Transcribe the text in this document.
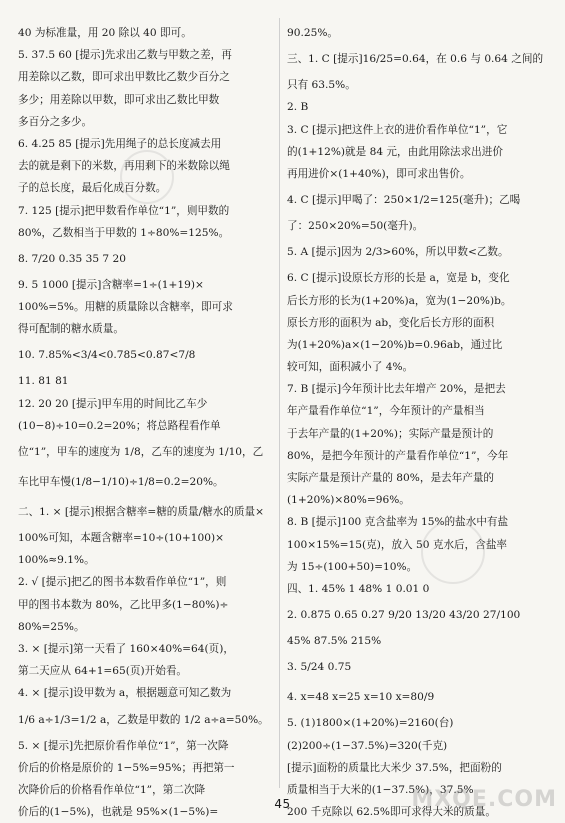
40 为标准量，用 20 除以 40 即可。
5. 37.5 60 [提示]先求出乙数与甲数之差，再
用差除以乙数，即可求出甲数比乙数少百分之
多少；用差除以甲数，即可求出乙数比甲数
多百分之多少。
6. 4.25 85 [提示]先用绳子的总长度减去用
去的就是剩下的米数，再用剩下的米数除以绳
子的总长度，最后化成百分数。
7. 125 [提示]把甲数看作单位“1”，则甲数的
80%，乙数相当于甲数的 1÷80%=125%。
8. 7/20 0.35 35 7 20
9. 5 1000 [提示]含糖率=1÷(1+19)×
100%=5%。用糖的质量除以含糖率，即可求
得可配制的糖水质量。
10. 7.85%<3/4<0.785<0.87<7/8
11. 81 81
12. 20 20 [提示]甲车用的时间比乙车少
(10−8)÷10=0.2=20%；将总路程看作单
位“1”，甲车的速度为 1/8，乙车的速度为 1/10，乙
车比甲车慢(1/8−1/10)÷1/8=0.2=20%。
二、1. × [提示]根据含糖率=糖的质量/糖水的质量×
100%可知，本题含糖率=10÷(10+100)×
100%≈9.1%。
2. √ [提示]把乙的图书本数看作单位“1”，则
甲的图书本数为 80%，乙比甲多(1−80%)÷
80%=25%。
3. × [提示]第一天看了 160×40%=64(页)，
第二天应从 64+1=65(页)开始看。
4. × [提示]设甲数为 a，根据题意可知乙数为
1/6 a÷1/3=1/2 a，乙数是甲数的 1/2 a÷a=50%。
5. × [提示]先把原价看作单位“1”，第一次降
价后的价格是原价的 1−5%=95%；再把第一
次降价后的价格看作单位“1”，第二次降
价后的(1−5%)，也就是 95%×(1−5%)=
90.25%。
三、1. C [提示]16/25=0.64，在 0.6 与 0.64 之间的
只有 63.5%。
2. B
3. C [提示]把这件上衣的进价看作单位“1”，它
的(1+12%)就是 84 元，由此用除法求出进价
再用进价×(1+40%)，即可求出售价。
4. C [提示]甲喝了：250×1/2=125(毫升)；乙喝
了：250×20%=50(毫升)。
5. A [提示]因为 2/3>60%，所以甲数<乙数。
6. C [提示]设原长方形的长是 a，宽是 b，变化
后长方形的长为(1+20%)a，宽为(1−20%)b。
原长方形的面积为 ab，变化后长方形的面积
为(1+20%)a×(1−20%)b=0.96ab，通过比
较可知，面积减小了 4%。
7. B [提示]今年预计比去年增产 20%，是把去
年产量看作单位“1”，今年预计的产量相当
于去年产量的(1+20%)；实际产量是预计的
80%，是把今年预计的产量看作单位“1”，今年
实际产量是预计产量的 80%，是去年产量的
(1+20%)×80%=96%。
8. B [提示]100 克含盐率为 15%的盐水中有盐
100×15%=15(克)，放入 50 克水后，含盐率
为 15÷(100+50)=10%。
四、1. 45% 1 48% 1 0.01 0
2. 0.875 0.65 0.27 9/20 13/20 43/20 27/100
45% 87.5% 215%
3. 5/24 0.75
4. x=48 x=25 x=10 x=80/9
5. (1)1800×(1+20%)=2160(台)
(2)200÷(1−37.5%)=320(千克)
[提示]面粉的质量比大米少 37.5%，把面粉的
质量相当于大米的(1−37.5%)，37.5%
200 千克除以 62.5%即可求得大米的质量。
45	MXQE.COM
